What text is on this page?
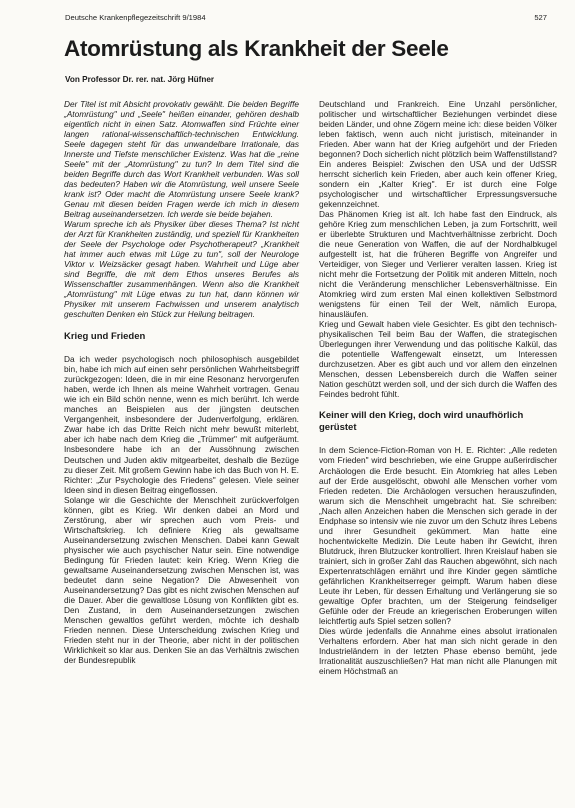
Deutsche Krankenpflegezeitschrift 9/1984	527
Atomrüstung als Krankheit der Seele
Von Professor Dr. rer. nat. Jörg Hüfner

Der Titel ist mit Absicht provokativ gewählt. Die beiden Begriffe „Atomrüstung" und „Seele" heißen einander, gehören deshalb eigentlich nicht in einen Satz. Atomwaffen sind Früchte einer langen rational-wissenschaftlich-technischen Entwicklung. Seele dagegen steht für das unwandelbare Irrationale, das Innerste und Tiefste menschlicher Existenz. Was hat die „reine Seele" mit der „Atomrüstung" zu tun? In dem Titel sind die beiden Begriffe durch das Wort Krankheit verbunden. Was soll das bedeuten? Haben wir die Atomrüstung, weil unsere Seele krank ist? Oder macht die Atomrüstung unsere Seele krank? Genau mit diesen beiden Fragen werde ich mich in diesem Beitrag auseinandersetzen. Ich werde sie beide bejahen.

Warum spreche ich als Physiker über dieses Thema? Ist nicht der Arzt für Krankheiten zuständig, und speziell für Krankheiten der Seele der Psychologe oder Psychotherapeut? „Krankheit hat immer auch etwas mit Lüge zu tun", soll der Neurologe Viktor v. Weizsäcker gesagt haben. Wahrheit und Lüge aber sind Begriffe, die mit dem Ethos unseres Berufes als Wissenschaftler zusammenhängen. Wenn also die Krankheit „Atomrüstung" mit Lüge etwas zu tun hat, dann können wir Physiker mit unserem Fachwissen und unserem analytisch geschulten Denken ein Stück zur Heilung beitragen.

Krieg und Frieden

Da ich weder psychologisch noch philosophisch ausgebildet bin, habe ich mich auf einen sehr persönlichen Wahrheitsbegriff zurückgezogen: Ideen, die in mir eine Resonanz hervorgerufen haben, werde ich Ihnen als meine Wahrheit vortragen. Genau wie ich ein Bild schön nenne, wenn es mich berührt. Ich werde manches an Beispielen aus der jüngsten deutschen Vergangenheit, insbesondere der Judenverfolgung, erklären. Zwar habe ich das Dritte Reich nicht mehr bewußt miterlebt, aber ich habe nach dem Krieg die „Trümmer" mit aufgeräumt. Insbesondere habe ich an der Aussöhnung zwischen Deutschen und Juden aktiv mitgearbeitet, deshalb die Bezüge zu dieser Zeit. Mit großem Gewinn habe ich das Buch von H. E. Richter: „Zur Psychologie des Friedens" gelesen. Viele seiner Ideen sind in diesen Beitrag eingeflossen.

Solange wir die Geschichte der Menschheit zurückverfolgen können, gibt es Krieg. Wir denken dabei an Mord und Zerstörung, aber wir sprechen auch vom Preis- und Wirtschaftskrieg. Ich definiere Krieg als gewaltsame Auseinandersetzung zwischen Menschen. Dabei kann Gewalt physischer wie auch psychischer Natur sein. Eine notwendige Bedingung für Frieden lautet: kein Krieg. Wenn Krieg die gewaltsame Auseinandersetzung zwischen Menschen ist, was bedeutet dann seine Negation? Die Abwesenheit von Auseinandersetzung? Das gibt es nicht zwischen Menschen auf die Dauer. Aber die gewaltlose Lösung von Konflikten gibt es. Den Zustand, in dem Auseinandersetzungen zwischen Menschen gewaltlos geführt werden, möchte ich deshalb Frieden nennen. Diese Unterscheidung zwischen Krieg und Frieden steht nur in der Theorie, aber nicht in der politischen Wirklichkeit so klar aus. Denken Sie an das Verhältnis zwischen der Bundesrepublik

Deutschland und Frankreich. Eine Unzahl persönlicher, politischer und wirtschaftlicher Beziehungen verbindet diese beiden Länder, und ohne Zögern meine ich: diese beiden Völker leben faktisch, wenn auch nicht juristisch, miteinander in Frieden. Aber wann hat der Krieg aufgehört und der Frieden begonnen? Doch sicherlich nicht plötzlich beim Waffenstillstand? Ein anderes Beispiel: Zwischen den USA und der UdSSR herrscht sicherlich kein Frieden, aber auch kein offener Krieg, sondern ein „Kalter Krieg". Er ist durch eine Folge psychologischer und wirtschaftlicher Erpressungsversuche gekennzeichnet.

Das Phänomen Krieg ist alt. Ich habe fast den Eindruck, als gehöre Krieg zum menschlichen Leben, ja zum Fortschritt, weil er überlebte Strukturen und Machtverhältnisse zerbricht. Doch die neue Generation von Waffen, die auf der Nordhalbkugel aufgestellt ist, hat die früheren Begriffe von Angreifer und Verteidiger, von Sieger und Verlierer veralten lassen. Krieg ist nicht mehr die Fortsetzung der Politik mit anderen Mitteln, noch nicht die Veränderung menschlicher Lebensverhältnisse. Ein Atomkrieg wird zum ersten Mal einen kollektiven Selbstmord wenigstens für einen Teil der Welt, nämlich Europa, hinausläufen.

Krieg und Gewalt haben viele Gesichter. Es gibt den technisch-physikalischen Teil beim Bau der Waffen, die strategischen Überlegungen ihrer Verwendung und das politische Kalkül, das die potentielle Waffengewalt einsetzt, um Interessen durchzusetzen. Aber es gibt auch und vor allem den einzelnen Menschen, dessen Lebensbereich durch die Waffen seiner Nation geschützt werden soll, und der sich durch die Waffen des Feindes bedroht fühlt.

Keiner will den Krieg, doch wird unaufhörlich gerüstet

In dem Science-Fiction-Roman von H. E. Richter: „Alle redeten vom Frieden" wird beschrieben, wie eine Gruppe außerirdischer Archäologen die Erde besucht. Ein Atomkrieg hat alles Leben auf der Erde ausgelöscht, obwohl alle Menschen vorher vom Frieden redeten. Die Archäologen versuchen herauszufinden, warum sich die Menschheit umgebracht hat. Sie schreiben: „Nach allen Anzeichen haben die Menschen sich gerade in der Endphase so intensiv wie nie zuvor um den Schutz ihres Lebens und ihrer Gesundheit gekümmert. Man hatte eine hochentwickelte Medizin. Die Leute haben ihr Gewicht, ihren Blutdruck, ihren Blutzucker kontrolliert. Ihren Kreislauf haben sie trainiert, sich in großer Zahl das Rauchen abgewöhnt, sich nach Expertenratschlägen ernährt und ihre Kinder gegen sämtliche gefährlichen Krankheitserreger geimpft. Warum haben diese Leute ihr Leben, für dessen Erhaltung und Verlängerung sie so gewaltige Opfer brachten, um der Steigerung feindseliger Gefühle oder der Freude an kriegerischen Eroberungen willen leichtfertig aufs Spiel setzen sollen?

Dies würde jedenfalls die Annahme eines absolut irrationalen Verhaltens erfordern. Aber hat man sich nicht gerade in den Industrieländern in der letzten Phase ebenso bemüht, jede Irrationalität auszuschließen? Hat man nicht alle Planungen mit einem Höchstmaß an
